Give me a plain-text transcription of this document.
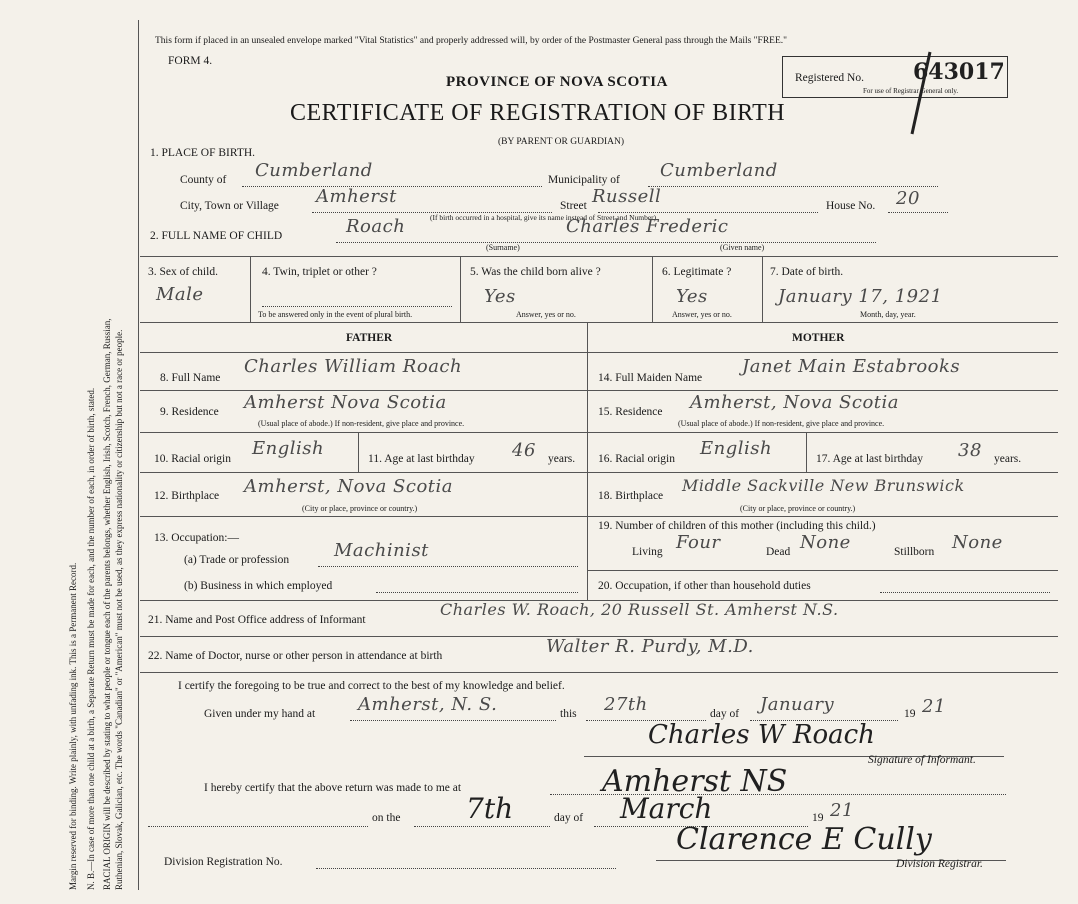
Margin reserved for binding. Write plainly, with unfading ink. This is a Permanent Record. N. B.—In case of more than one child at a birth, a Separate Return must be made for each, and the number of each, in order of birth, stated. RACIAL ORIGIN will be described by stating to what people or tongue each of the parents belongs, whether English, Irish, Scotch, French, German, Russian, Ruthenian, Slovak, Galician, etc. The words "Canadian" or "American" must not be used, as they express nationality or citizenship but not a race or people.
This form if placed in an unsealed envelope marked "Vital Statistics" and properly addressed will, by order of the Postmaster General pass through the Mails "FREE."
FORM 4.
PROVINCE OF NOVA SCOTIA
CERTIFICATE OF REGISTRATION OF BIRTH
(BY PARENT OR GUARDIAN)
Registered No. 643017
For use of Registrar General only.
1. PLACE OF BIRTH.
County of Cumberland	Municipality of Cumberland
City, Town or Village Amherst	Street Russell	House No. 20
(If birth occurred in a hospital, give its name instead of Street and Number)
2. FULL NAME OF CHILD	Roach	Charles Frederic
(Surname)	(Given name)
3. Sex of child.
Male
4. Twin, triplet or other ?
To be answered only in the event of plural birth.
5. Was the child born alive ?
Yes
Answer, yes or no.
6. Legitimate ?
Yes
Answer, yes or no.
7. Date of birth.
January 17, 1921
Month, day, year.
FATHER	MOTHER
8. Full Name
Charles William Roach
9. Residence Amherst Nova Scotia
(Usual place of abode.) If non-resident, give place and province.
10. Racial origin English	11. Age at last birthday 46 years.
12. Birthplace Amherst, Nova Scotia
(City or place, province or country.)
13. Occupation:—
(a) Trade or profession Machinist
(b) Business in which employed
14. Full Maiden Name
Janet Main Estabrooks
15. Residence Amherst, Nova Scotia
(Usual place of abode.) If non-resident, give place and province.
16. Racial origin English	17. Age at last birthday 38 years.
18. Birthplace
Middle Sackville New Brunswick
(City or place, province or country.)
19. Number of children of this mother (including this child.)
Living Four	Dead None	Stillborn None
20. Occupation, if other than household duties
21. Name and Post Office address of Informant
Charles W. Roach, 20 Russell St. Amherst N.S.
22. Name of Doctor, nurse or other person in attendance at birth	Walter R. Purdy, M.D.
I certify the foregoing to be true and correct to the best of my knowledge and belief.
Given under my hand at Amherst, N. S.	this 27th	day of January	19 21
Charles W Roach
Signature of Informant.
I hereby certify that the above return was made to me at	Amherst NS
on the 7th	day of March	19 21
Division Registration No.
Clarence E Cully
Division Registrar.
